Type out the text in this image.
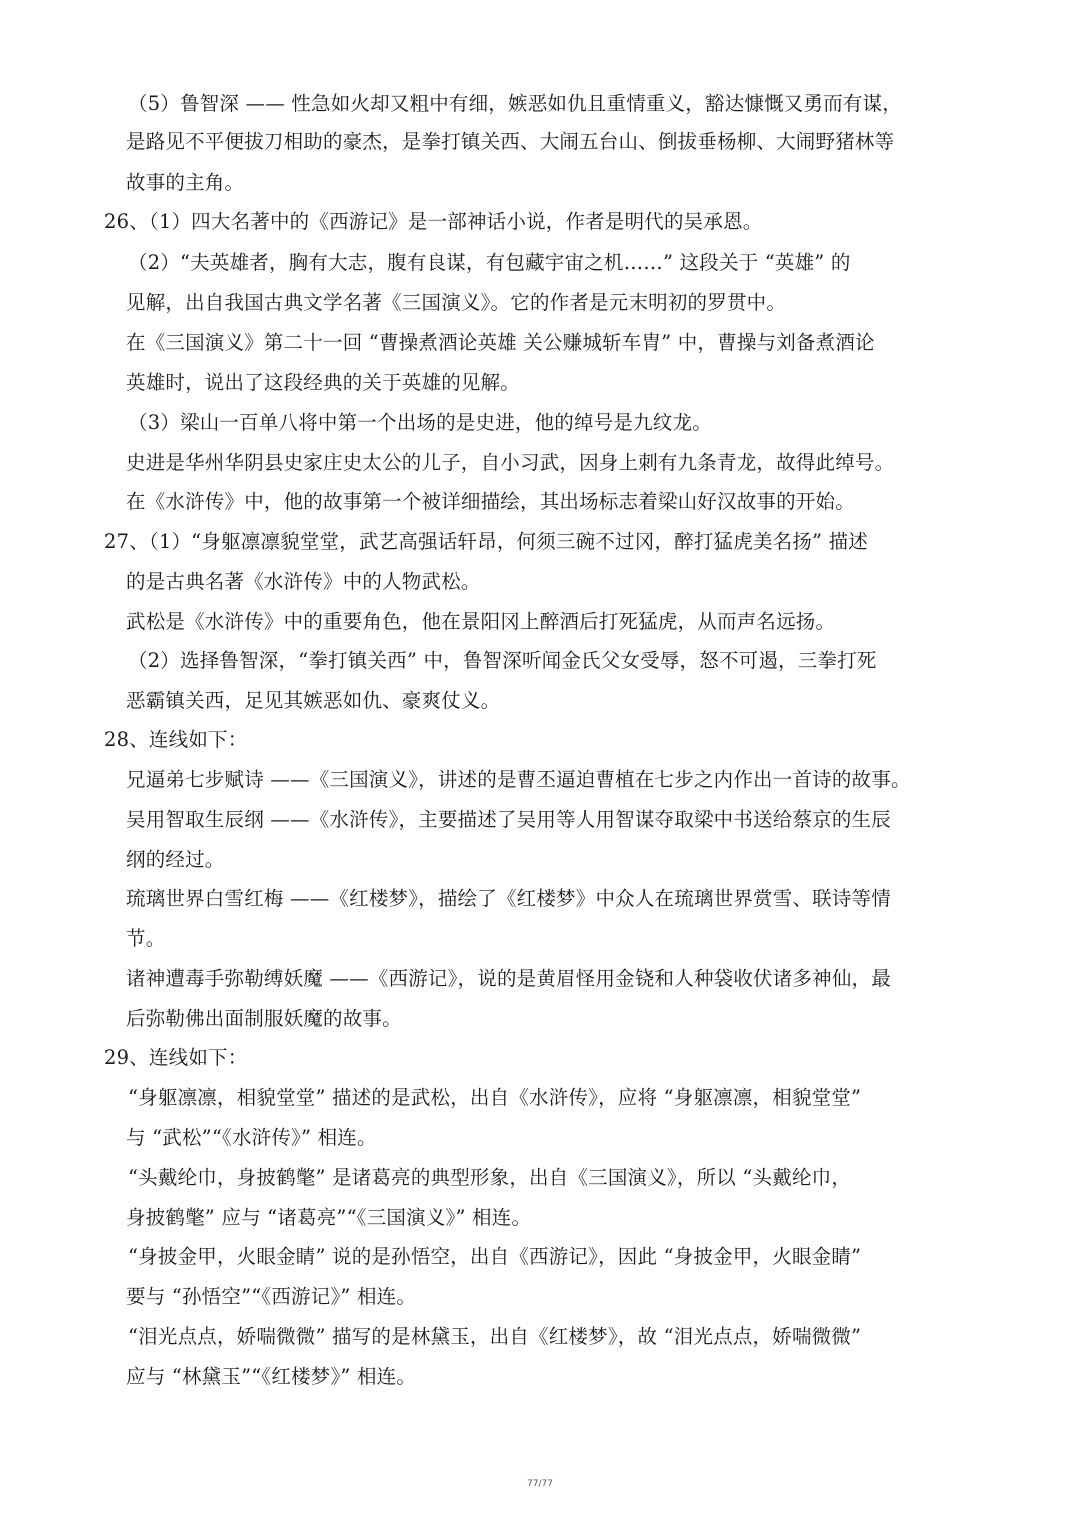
（5）鲁智深 —— 性急如火却又粗中有细，嫉恶如仇且重情重义，豁达慷慨又勇而有谋，
是路见不平便拔刀相助的豪杰，是拳打镇关西、大闹五台山、倒拔垂杨柳、大闹野猪林等
故事的主角。
26、（1）四大名著中的《西游记》是一部神话小说，作者是明代的吴承恩。
（2）“夫英雄者，胸有大志，腹有良谋，有包藏宇宙之机……” 这段关于 “英雄” 的
见解，出自我国古典文学名著《三国演义》。它的作者是元末明初的罗贯中。
在《三国演义》第二十一回 “曹操煮酒论英雄 关公赚城斩车胄” 中，曹操与刘备煮酒论
英雄时，说出了这段经典的关于英雄的见解。
（3）梁山一百单八将中第一个出场的是史进，他的绰号是九纹龙。
史进是华州华阴县史家庄史太公的儿子，自小习武，因身上刺有九条青龙，故得此绰号。
在《水浒传》中，他的故事第一个被详细描绘，其出场标志着梁山好汉故事的开始。
27、（1）“身躯凛凛貌堂堂，武艺高强话轩昂，何须三碗不过冈，醉打猛虎美名扬” 描述
的是古典名著《水浒传》中的人物武松。
武松是《水浒传》中的重要角色，他在景阳冈上醉酒后打死猛虎，从而声名远扬。
（2）选择鲁智深，“拳打镇关西” 中，鲁智深听闻金氏父女受辱，怒不可遏，三拳打死
恶霸镇关西，足见其嫉恶如仇、豪爽仗义。
28、连线如下：
兄逼弟七步赋诗 ——《三国演义》，讲述的是曹丕逼迫曹植在七步之内作出一首诗的故事。
吴用智取生辰纲 ——《水浒传》，主要描述了吴用等人用智谋夺取梁中书送给蔡京的生辰
纲的经过。
琉璃世界白雪红梅 ——《红楼梦》，描绘了《红楼梦》中众人在琉璃世界赏雪、联诗等情
节。
诸神遭毒手弥勒缚妖魔 ——《西游记》，说的是黄眉怪用金铙和人种袋收伏诸多神仙，最
后弥勒佛出面制服妖魔的故事。
29、连线如下：
“身躯凛凛，相貌堂堂” 描述的是武松，出自《水浒传》，应将 “身躯凛凛，相貌堂堂”
与 “武松”“《水浒传》” 相连。
“头戴纶巾，身披鹤氅” 是诸葛亮的典型形象，出自《三国演义》，所以 “头戴纶巾，
身披鹤氅” 应与 “诸葛亮”“《三国演义》” 相连。
“身披金甲，火眼金睛” 说的是孙悟空，出自《西游记》，因此 “身披金甲，火眼金睛”
要与 “孙悟空”“《西游记》” 相连。
“泪光点点，娇喘微微” 描写的是林黛玉，出自《红楼梦》，故 “泪光点点，娇喘微微”
应与 “林黛玉”“《红楼梦》” 相连。
77/77
